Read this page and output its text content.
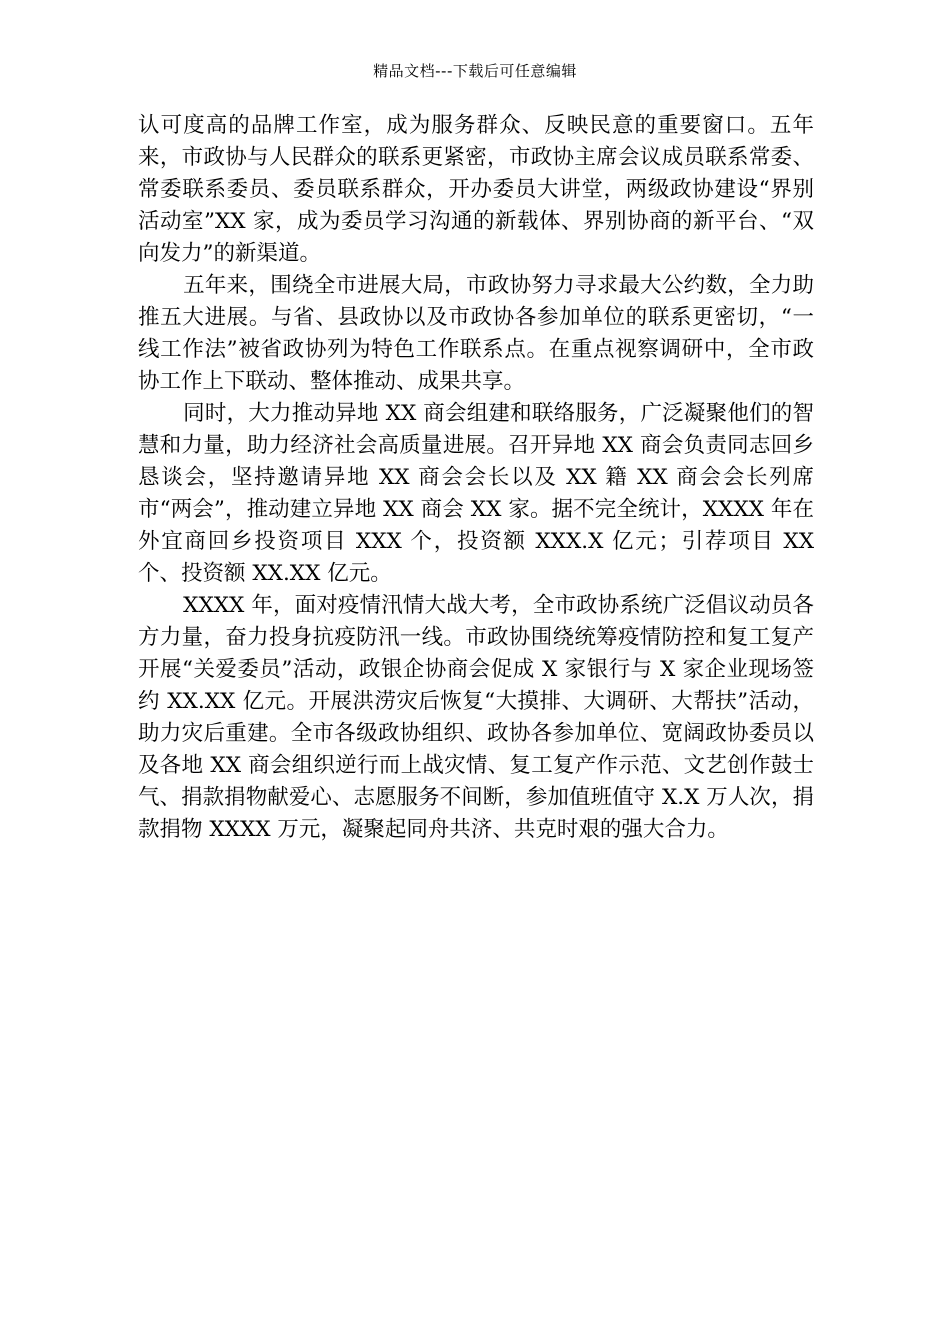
精品文档---下载后可任意编辑

认可度高的品牌工作室，成为服务群众、反映民意的重要窗口。五年来，市政协与人民群众的联系更紧密，市政协主席会议成员联系常委、常委联系委员、委员联系群众，开办委员大讲堂，两级政协建设“界别活动室”XX 家，成为委员学习沟通的新载体、界别协商的新平台、“双向发力”的新渠道。

五年来，围绕全市进展大局，市政协努力寻求最大公约数，全力助推五大进展。与省、县政协以及市政协各参加单位的联系更密切，“一线工作法”被省政协列为特色工作联系点。在重点视察调研中，全市政协工作上下联动、整体推动、成果共享。

同时，大力推动异地 XX 商会组建和联络服务，广泛凝聚他们的智慧和力量，助力经济社会高质量进展。召开异地 XX 商会负责同志回乡恳谈会，坚持邀请异地 XX 商会会长以及 XX 籍 XX 商会会长列席市“两会”，推动建立异地 XX 商会 XX 家。据不完全统计，XXXX 年在外宜商回乡投资项目 XXX 个，投资额 XXX.X 亿元；引荐项目 XX 个、投资额 XX.XX 亿元。

XXXX 年，面对疫情汛情大战大考，全市政协系统广泛倡议动员各方力量，奋力投身抗疫防汛一线。市政协围绕统筹疫情防控和复工复产开展“关爱委员”活动，政银企协商会促成 X 家银行与 X 家企业现场签约 XX.XX 亿元。开展洪涝灾后恢复“大摸排、大调研、大帮扶”活动，助力灾后重建。全市各级政协组织、政协各参加单位、宽阔政协委员以及各地 XX 商会组织逆行而上战灾情、复工复产作示范、文艺创作鼓士气、捐款捐物献爱心、志愿服务不间断，参加值班值守 X.X 万人次，捐款捐物 XXXX 万元，凝聚起同舟共济、共克时艰的强大合力。
